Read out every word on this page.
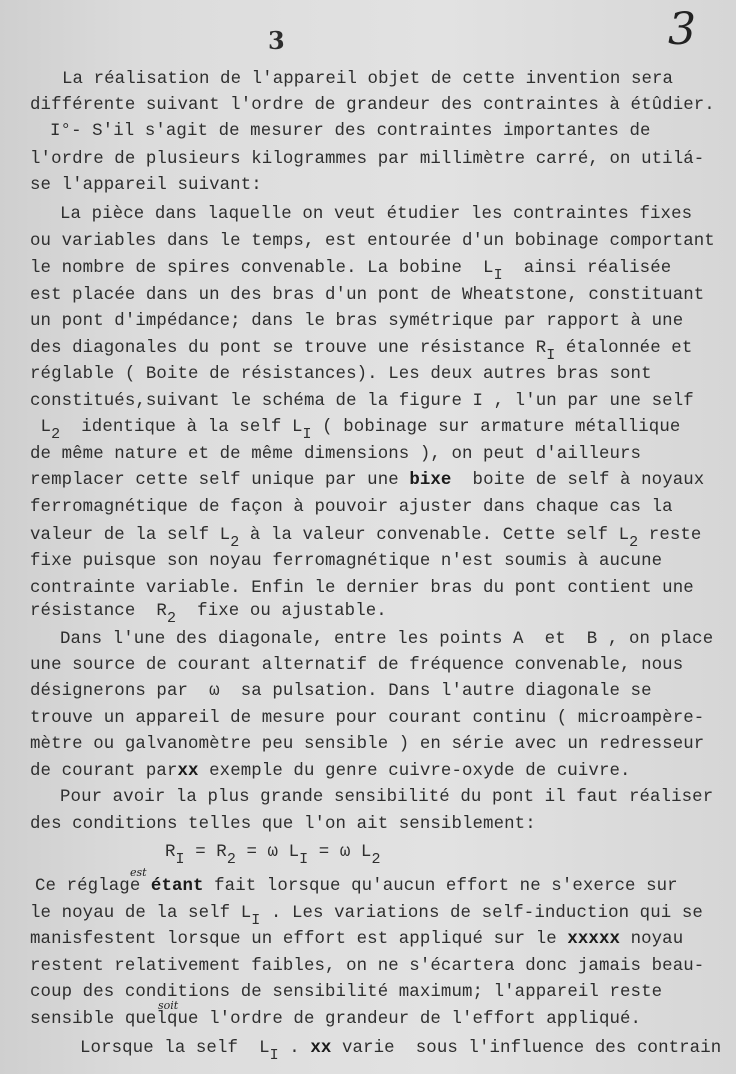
3	3
est
soit
La réalisation de l'appareil objet de cette invention sera
différente suivant l'ordre de grandeur des contraintes à étûdier.
I°- S'il s'agit de mesurer des contraintes importantes de
l'ordre de plusieurs kilogrammes par millimètre carré, on utilá-
se l'appareil suivant:
La pièce dans laquelle on veut étudier les contraintes fixes
ou variables dans le temps, est entourée d'un bobinage comportant
le nombre de spires convenable. La bobine  LI  ainsi réalisée
est placée dans un des bras d'un pont de Wheatstone, constituant
un pont d'impédance; dans le bras symétrique par rapport à une
des diagonales du pont se trouve une résistance RI étalonnée et
réglable ( Boite de résistances). Les deux autres bras sont
constitués,suivant le schéma de la figure I , l'un par une self
L2  identique à la self LI ( bobinage sur armature métallique
de même nature et de même dimensions ), on peut d'ailleurs
remplacer cette self unique par une bixe  boite de self à noyaux
ferromagnétique de façon à pouvoir ajuster dans chaque cas la
valeur de la self L2 à la valeur convenable. Cette self L2 reste
fixe puisque son noyau ferromagnétique n'est soumis à aucune
contrainte variable. Enfin le dernier bras du pont contient une
résistance  R2  fixe ou ajustable.
Dans l'une des diagonale, entre les points A  et  B , on place
une source de courant alternatif de fréquence convenable, nous
désignerons par  ω  sa pulsation. Dans l'autre diagonale se
trouve un appareil de mesure pour courant continu ( microampère-
mètre ou galvanomètre peu sensible ) en série avec un redresseur
de courant parxx exemple du genre cuivre-oxyde de cuivre.
Pour avoir la plus grande sensibilité du pont il faut réaliser
des conditions telles que l'on ait sensiblement:
RI = R2 = ω LI = ω L2
Ce réglage étant fait lorsque qu'aucun effort ne s'exerce sur
le noyau de la self LI . Les variations de self-induction qui se
manisfestent lorsque un effort est appliqué sur le xxxxx noyau
restent relativement faibles, on ne s'écartera donc jamais beau-
coup des conditions de sensibilité maximum; l'appareil reste
sensible quelque l'ordre de grandeur de l'effort appliqué.
Lorsque la self  LI . xx varie  sous l'influence des contrain
